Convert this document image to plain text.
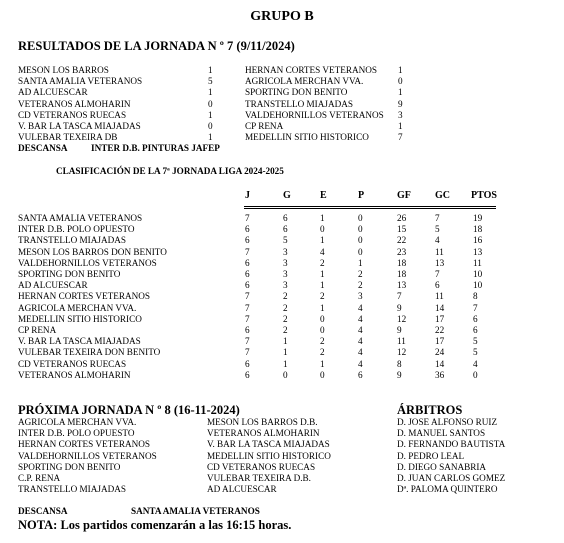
GRUPO B
RESULTADOS DE LA JORNADA N º 7 (9/11/2024)
MESON LOS BARROS	1	HERNAN CORTES VETERANOS 1
SANTA AMALIA VETERANOS	5	AGRICOLA MERCHAN VVA.	0
AD ALCUESCAR	1	SPORTING DON BENITO	1
VETERANOS ALMOHARIN	0	TRANSTELLO MIAJADAS	9
CD VETERANOS RUECAS	1	VALDEHORNILLOS VETERANOS 3
V. BAR LA TASCA MIAJADAS	0	CP RENA	1
VULEBAR TEXEIRA DB	1	MEDELLIN SITIO HISTORICO	7
DESCANSA	INTER D.B. PINTURAS JAFEP
CLASIFICACIÓN DE LA 7ª JORNADA LIGA 2024-2025
J	G	E	P	GF GC PTOS
SANTA AMALIA VETERANOS	7	6	1	0	26	7	19
INTER D.B. POLO OPUESTO	6	6	0	0	15	5	18
TRANSTELLO MIAJADAS	6	5	1	0	22	4	16
MESON LOS BARROS DON BENITO	7	3	4	0	23	11	13
VALDEHORNILLOS VETERANOS	6	3	2	1	18	13	11
SPORTING DON BENITO	6	3	1	2	18	7	10
AD ALCUESCAR	6	3	1	2	13	6	10
HERNAN CORTES VETERANOS	7	2	2	3	7	11	8
AGRICOLA MERCHAN VVA.	7	2	1	4	9	14	7
MEDELLIN SITIO HISTORICO	7	2	0	4	12	17	6
CP RENA	6	2	0	4	9	22	6
V. BAR LA TASCA MIAJADAS	7	1	2	4	11	17	5
VULEBAR TEXEIRA DON BENITO	7	1	2	4	12	24	5
CD VETERANOS RUECAS	6	1	1	4	8	14	4
VETERANOS ALMOHARIN	6	0	0	6	9	36	0
PRÓXIMA JORNADA N º 8 (16-11-2024)	ÁRBITROS
AGRICOLA MERCHAN VVA.	MESON LOS BARROS D.B.	D. JOSE ALFONSO RUIZ
INTER D.B. POLO OPUESTO	VETERANOS ALMOHARIN	D. MANUEL SANTOS
HERNAN CORTES VETERANOS	V. BAR LA TASCA MIAJADAS	D. FERNANDO BAUTISTA
VALDEHORNILLOS VETERANOS	MEDELLIN SITIO HISTORICO	D. PEDRO LEAL
SPORTING DON BENITO	CD VETERANOS RUECAS	D. DIEGO SANABRIA
C.P. RENA	VULEBAR TEXEIRA D.B.	D. JUAN CARLOS GOMEZ
TRANSTELLO MIAJADAS	AD ALCUESCAR	Dª. PALOMA QUINTERO
DESCANSA	SANTA AMALIA VETERANOS
NOTA: Los partidos comenzarán a las 16:15 horas.
